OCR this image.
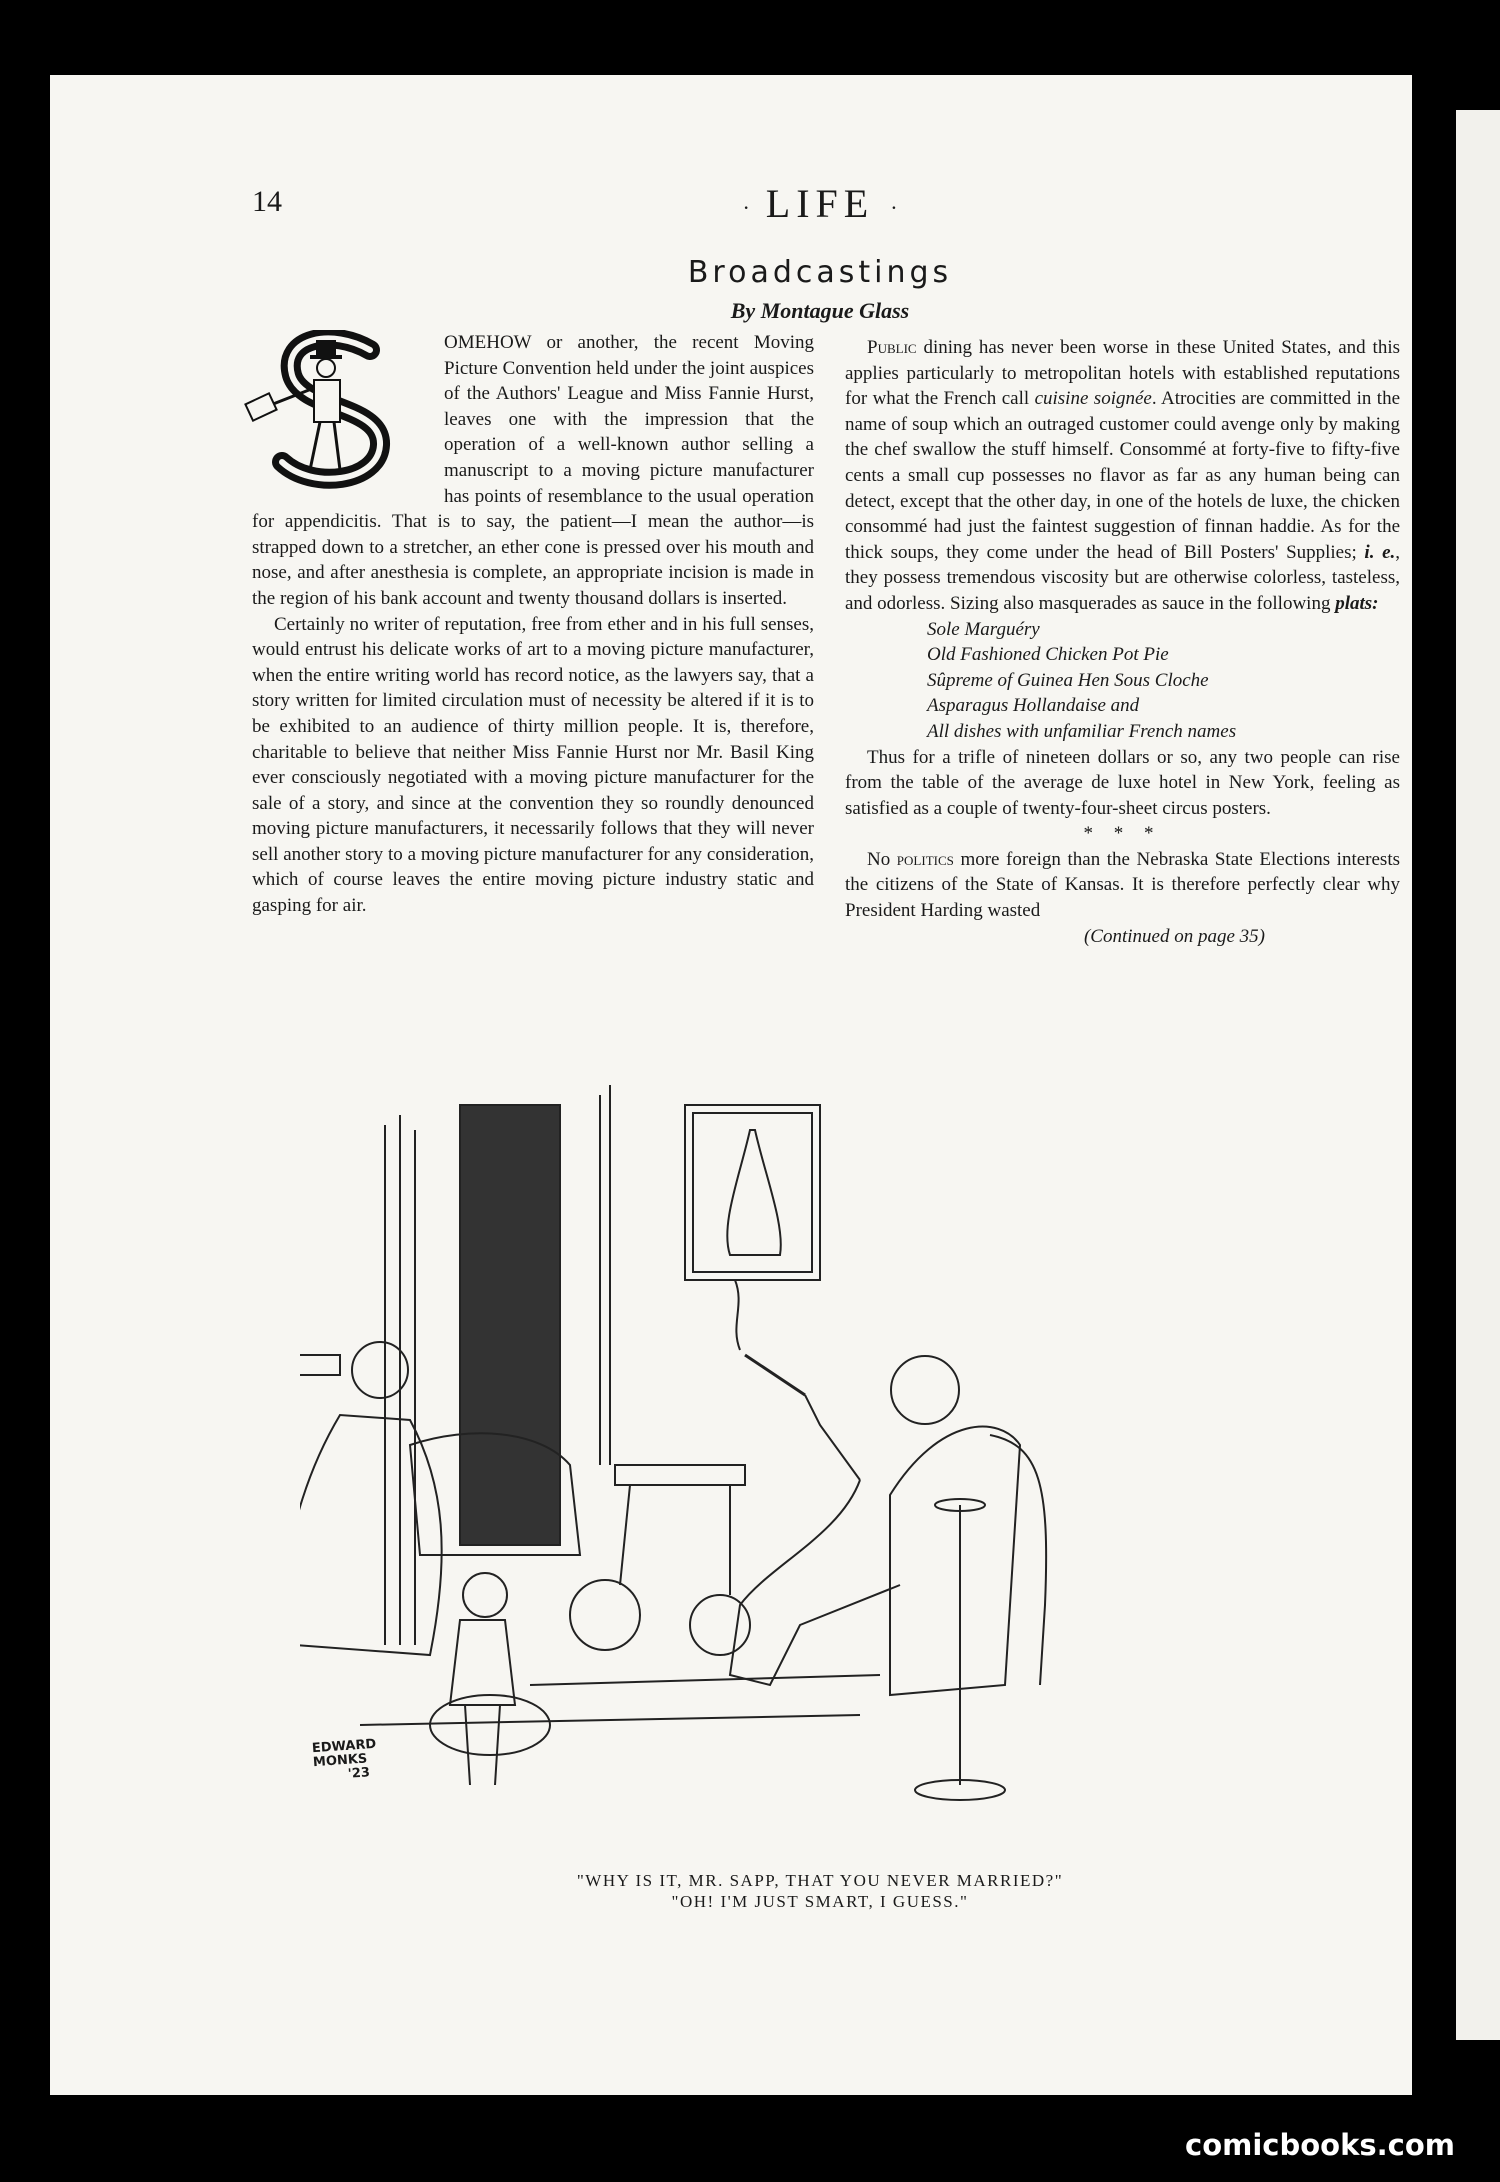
14	· LIFE ·
Broadcastings
By Montague Glass

OMEHOW or another, the recent Moving Picture Convention held under the joint auspices of the Authors' League and Miss Fannie Hurst, leaves one with the impression that the operation of a well-known author selling a manuscript to a moving picture manufacturer has points of resemblance to the usual operation for appendicitis. That is to say, the patient—I mean the author—is strapped down to a stretcher, an ether cone is pressed over his mouth and nose, and after anesthesia is complete, an appropriate incision is made in the region of his bank account and twenty thousand dollars is inserted.

Certainly no writer of reputation, free from ether and in his full senses, would entrust his delicate works of art to a moving picture manufacturer, when the entire writing world has record notice, as the lawyers say, that a story written for limited circulation must of necessity be altered if it is to be exhibited to an audience of thirty million people. It is, therefore, charitable to believe that neither Miss Fannie Hurst nor Mr. Basil King ever consciously negotiated with a moving picture manufacturer for the sale of a story, and since at the convention they so roundly denounced moving picture manufacturers, it necessarily follows that they will never sell another story to a moving picture manufacturer for any consideration, which of course leaves the entire moving picture industry static and gasping for air.

Public dining has never been worse in these United States, and this applies particularly to metropolitan hotels with established reputations for what the French call cuisine soignée. Atrocities are committed in the name of soup which an outraged customer could avenge only by making the chef swallow the stuff himself. Consommé at forty-five to fifty-five cents a small cup possesses no flavor as far as any human being can detect, except that the other day, in one of the hotels de luxe, the chicken consommé had just the faintest suggestion of finnan haddie. As for the thick soups, they come under the head of Bill Posters' Supplies; i. e., they possess tremendous viscosity but are otherwise colorless, tasteless, and odorless. Sizing also masquerades as sauce in the following plats:

Sole Marguéry
Old Fashioned Chicken Pot Pie
Sûpreme of Guinea Hen Sous Cloche
Asparagus Hollandaise and
All dishes with unfamiliar French names

Thus for a trifle of nineteen dollars or so, any two people can rise from the table of the average de luxe hotel in New York, feeling as satisfied as a couple of twenty-four-sheet circus posters.

* * *

No politics more foreign than the Nebraska State Elections interests the citizens of the State of Kansas. It is therefore perfectly clear why President Harding wasted

(Continued on page 35)
EDWARD
MONKS
'23
"WHY IS IT, MR. SAPP, THAT YOU NEVER MARRIED?"
"OH! I'M JUST SMART, I GUESS."
comicbooks.com
